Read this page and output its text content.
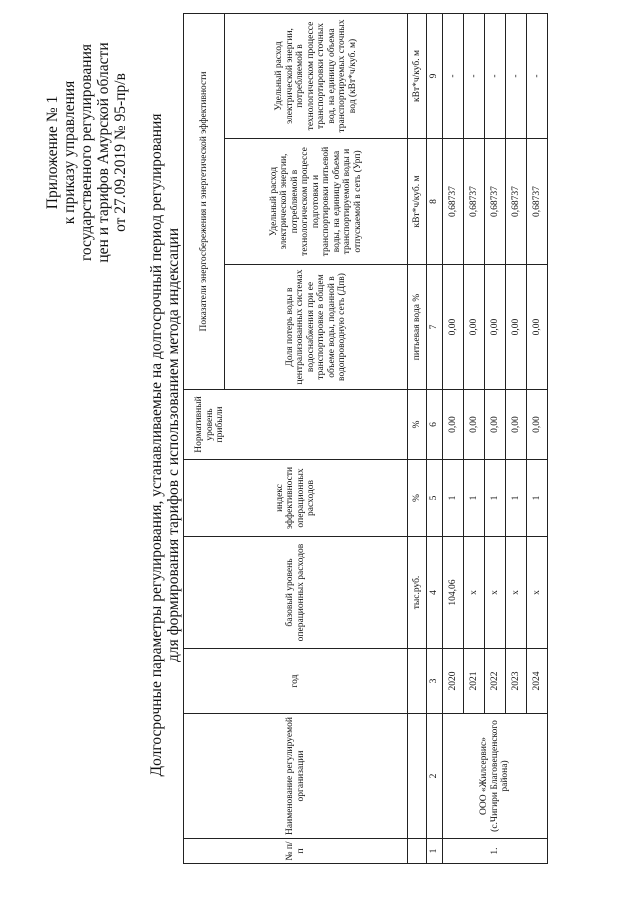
Приложение № 1 к приказу управления государственного регулирования цен и тарифов Амурской области от 27.09.2019 № 95-пр/в Долгосрочные параметры регулирования, устанавливаемые на долгосрочный период регулирования для формирования тарифов с использованием метода индексации
№ п/п	Наименование регулируемой организации	год	базовый уровень операционных расходов	индекс эффективности операционных расходов	Нормативный уровень прибыли	Показатели энергосбережения и энергетической эффективности		
						Доля потерь воды в централизованных системах водоснабжения при ее транспортировке в общем объеме воды, поданной в водопроводную сеть (Дпв)	Удельный расход электрической энергии, потребляемой в технологическом процессе подготовки и транспортировки питьевой воды, на единицу объема транспортируемой воды и отпускаемой в сеть (Урп)	Удельный расход электрической энергии, потребляемой в технологическом процессе транспортировки сточных вод, на единицу объема транспортируемых сточных вод (кВт*ч/куб. м)
			тыс.руб.	%	%	питьевая вода %	кВт*ч/куб. м	кВт*ч/куб. м
1	2	3	4	5	6	7	8	9
1.	ООО «Жилсервис» (с.Чигири Благовещенского района)	2020	104,06	1	0,00	0,00	0,68737	-
		2021	х	1	0,00	0,00	0,68737	-
		2022	х	1	0,00	0,00	0,68737	-
		2023	х	1	0,00	0,00	0,68737	-
		2024	х	1	0,00	0,00	0,68737	-
